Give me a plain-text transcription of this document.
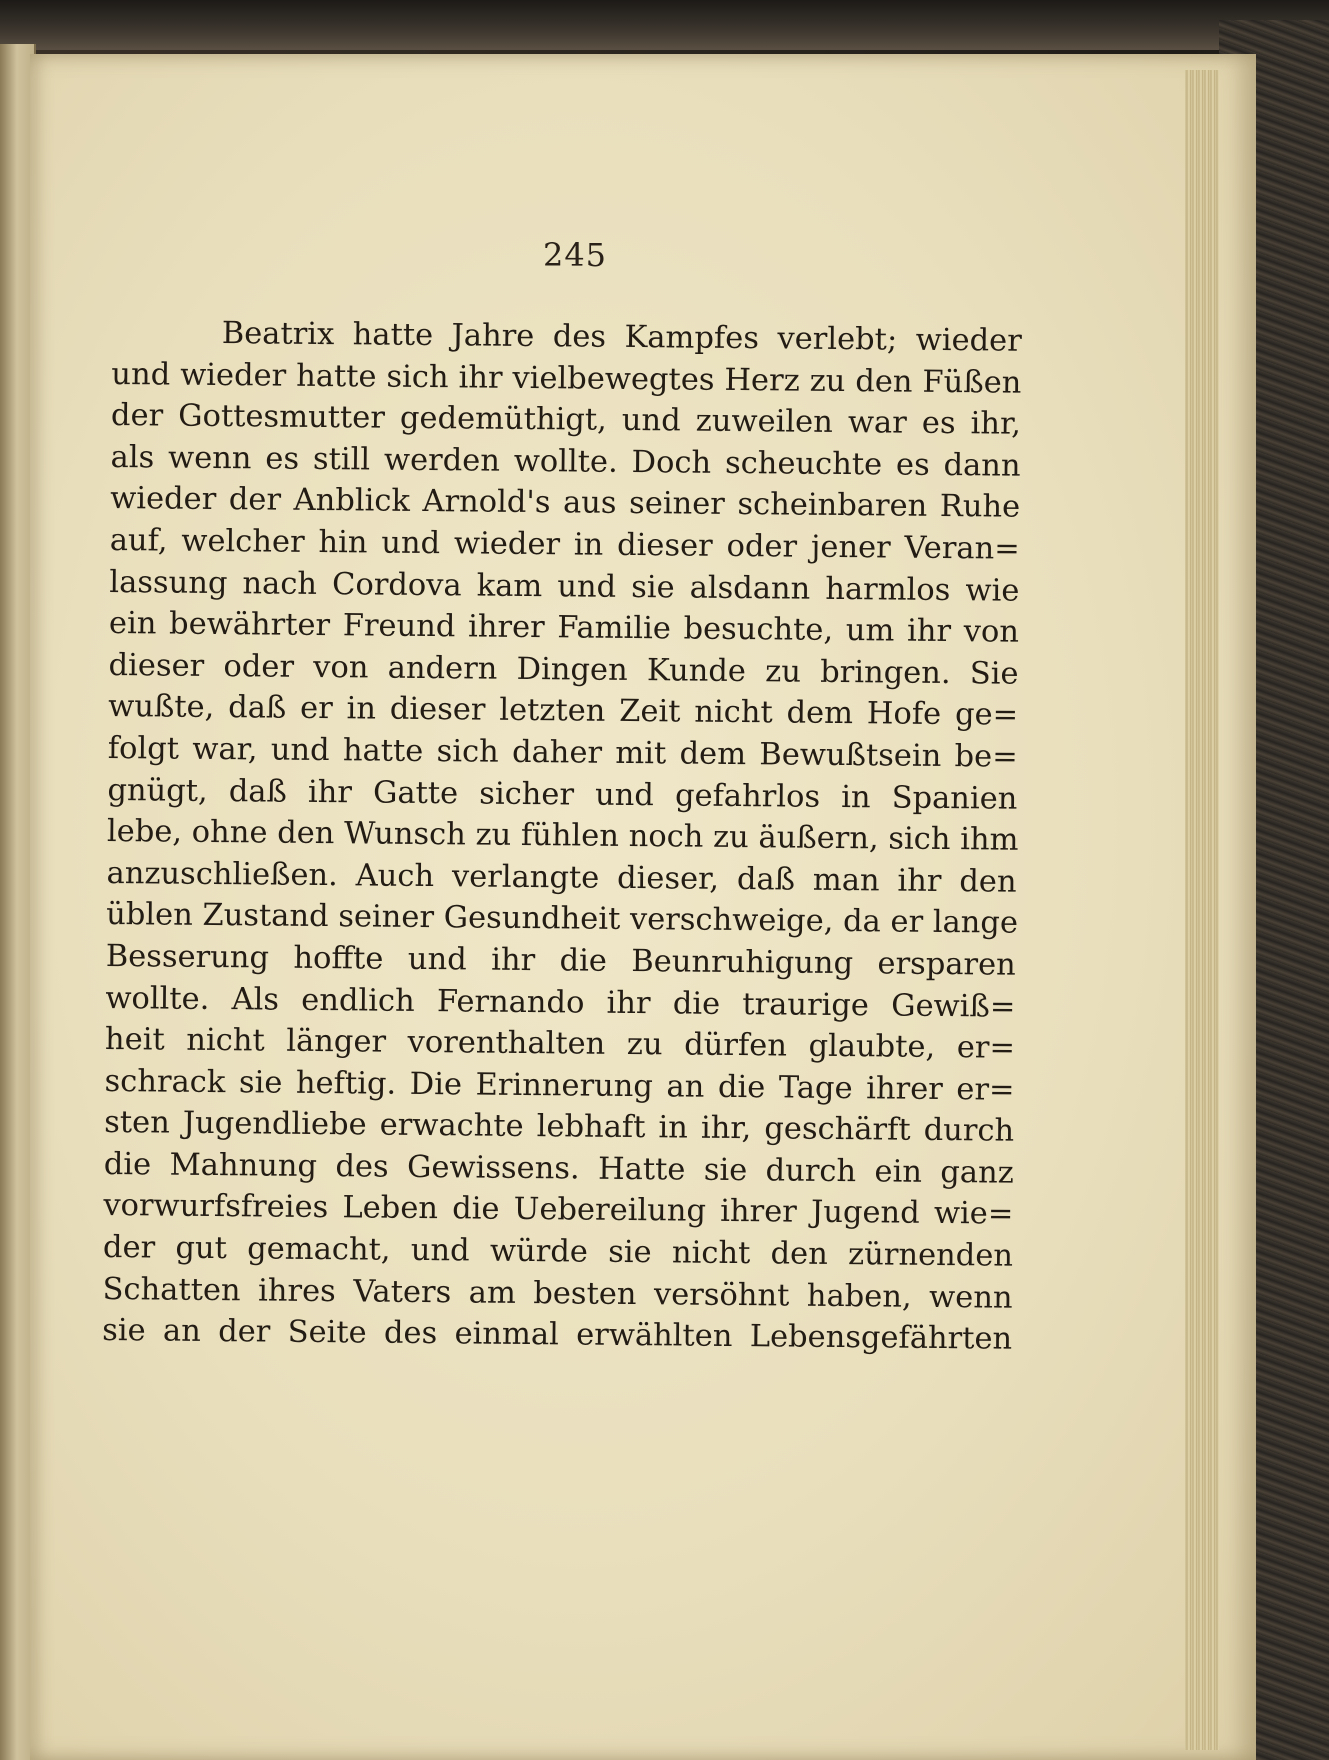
245
Beatrix hatte Jahre des Kampfes verlebt; wieder
und wieder hatte sich ihr vielbewegtes Herz zu den Füßen
der Gottesmutter gedemüthigt, und zuweilen war es ihr,
als wenn es still werden wollte. Doch scheuchte es dann
wieder der Anblick Arnold's aus seiner scheinbaren Ruhe
auf, welcher hin und wieder in dieser oder jener Veran=
lassung nach Cordova kam und sie alsdann harmlos wie
ein bewährter Freund ihrer Familie besuchte, um ihr von
dieser oder von andern Dingen Kunde zu bringen. Sie
wußte, daß er in dieser letzten Zeit nicht dem Hofe ge=
folgt war, und hatte sich daher mit dem Bewußtsein be=
gnügt, daß ihr Gatte sicher und gefahrlos in Spanien
lebe, ohne den Wunsch zu fühlen noch zu äußern, sich ihm
anzuschließen. Auch verlangte dieser, daß man ihr den
üblen Zustand seiner Gesundheit verschweige, da er lange
Besserung hoffte und ihr die Beunruhigung ersparen
wollte. Als endlich Fernando ihr die traurige Gewiß=
heit nicht länger vorenthalten zu dürfen glaubte, er=
schrack sie heftig. Die Erinnerung an die Tage ihrer er=
sten Jugendliebe erwachte lebhaft in ihr, geschärft durch
die Mahnung des Gewissens. Hatte sie durch ein ganz
vorwurfsfreies Leben die Uebereilung ihrer Jugend wie=
der gut gemacht, und würde sie nicht den zürnenden
Schatten ihres Vaters am besten versöhnt haben, wenn
sie an der Seite des einmal erwählten Lebensgefährten
